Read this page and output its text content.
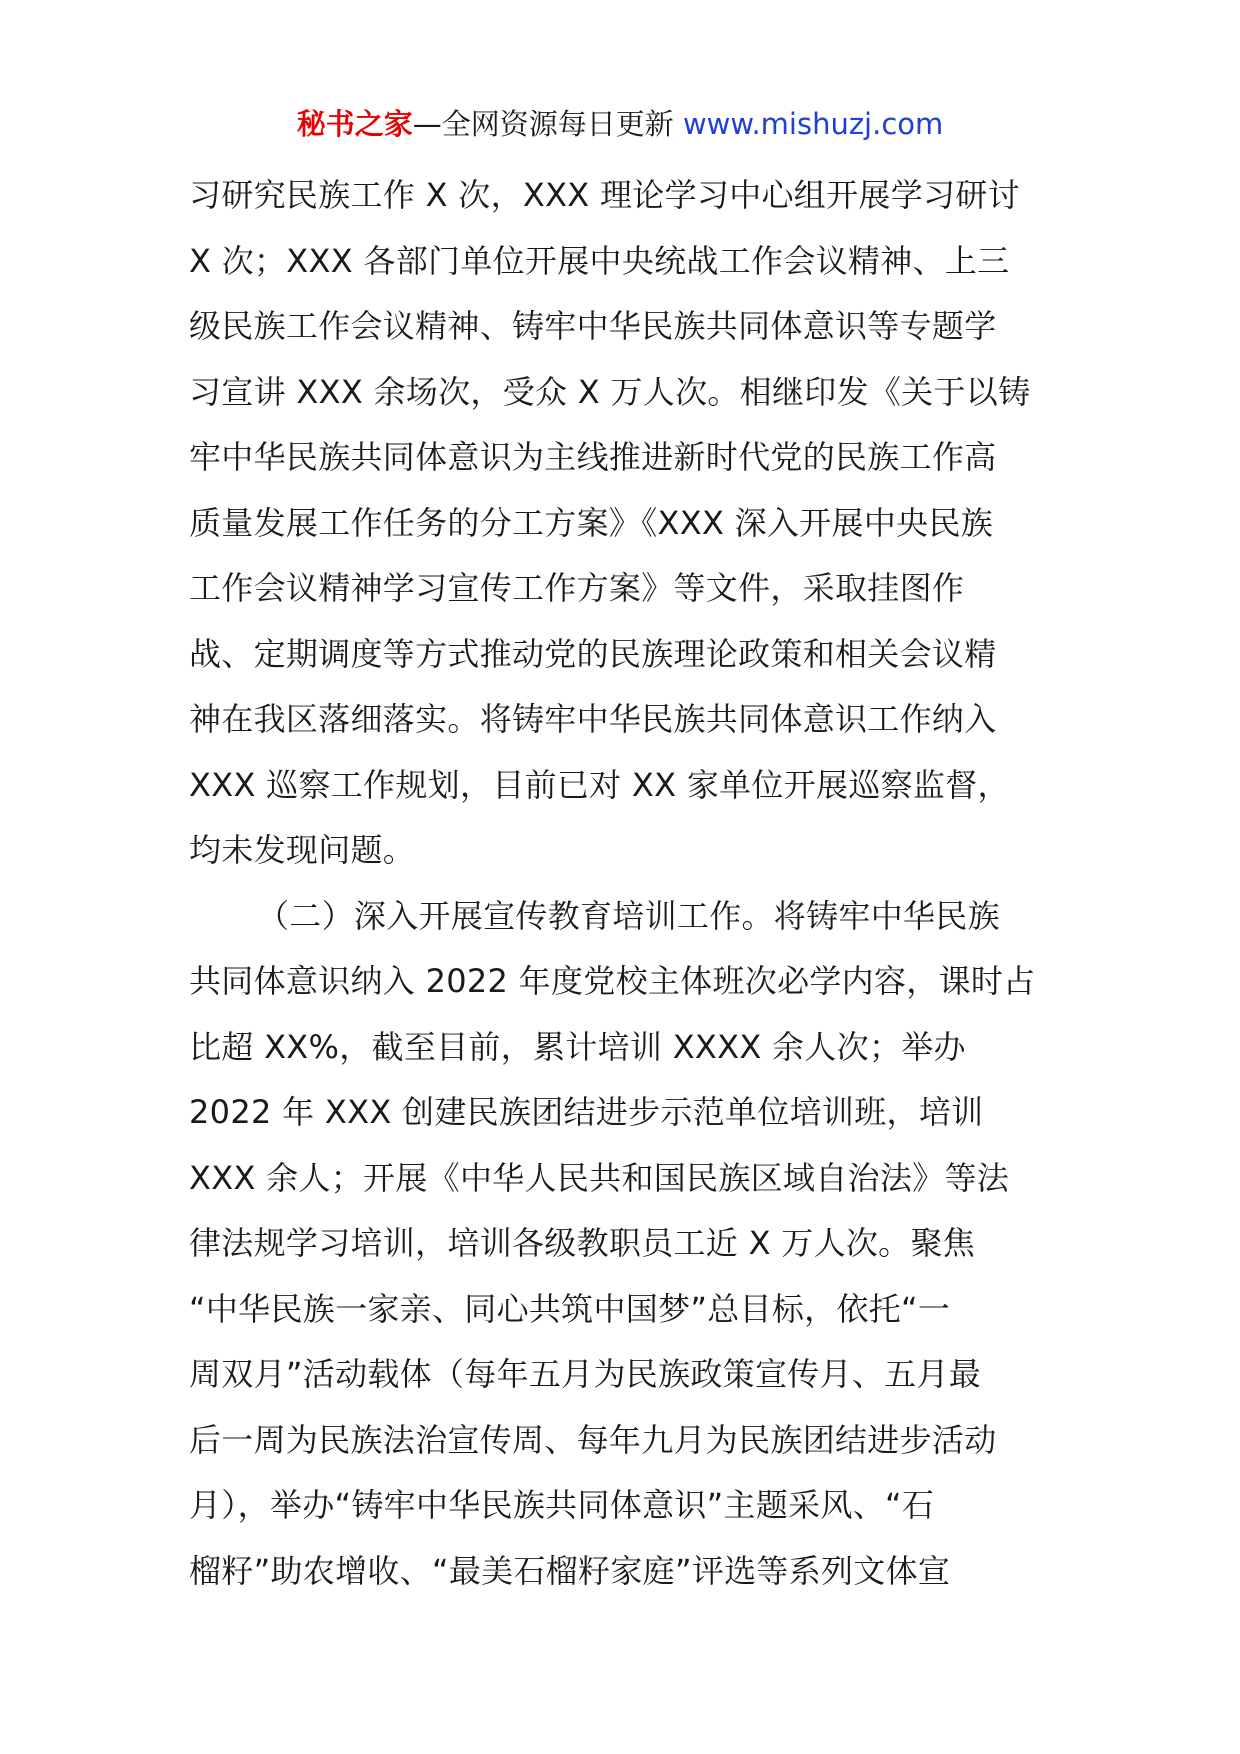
秘书之家—全网资源每日更新 www.mishuzj.com
习研究民族工作 X 次，XXX 理论学习中心组开展学习研讨
X 次；XXX 各部门单位开展中央统战工作会议精神、上三
级民族工作会议精神、铸牢中华民族共同体意识等专题学
习宣讲 XXX 余场次，受众 X 万人次。相继印发《关于以铸
牢中华民族共同体意识为主线推进新时代党的民族工作高
质量发展工作任务的分工方案》《XXX 深入开展中央民族
工作会议精神学习宣传工作方案》等文件，采取挂图作
战、定期调度等方式推动党的民族理论政策和相关会议精
神在我区落细落实。将铸牢中华民族共同体意识工作纳入
XXX 巡察工作规划，目前已对 XX 家单位开展巡察监督，
均未发现问题。
（二）深入开展宣传教育培训工作。将铸牢中华民族
共同体意识纳入 2022 年度党校主体班次必学内容，课时占
比超 XX%，截至目前，累计培训 XXXX 余人次；举办
2022 年 XXX 创建民族团结进步示范单位培训班，培训
XXX 余人；开展《中华人民共和国民族区域自治法》等法
律法规学习培训，培训各级教职员工近 X 万人次。聚焦
“中华民族一家亲、同心共筑中国梦”总目标，依托“一
周双月”活动载体（每年五月为民族政策宣传月、五月最
后一周为民族法治宣传周、每年九月为民族团结进步活动
月），举办“铸牢中华民族共同体意识”主题采风、“石
榴籽”助农增收、“最美石榴籽家庭”评选等系列文体宣
